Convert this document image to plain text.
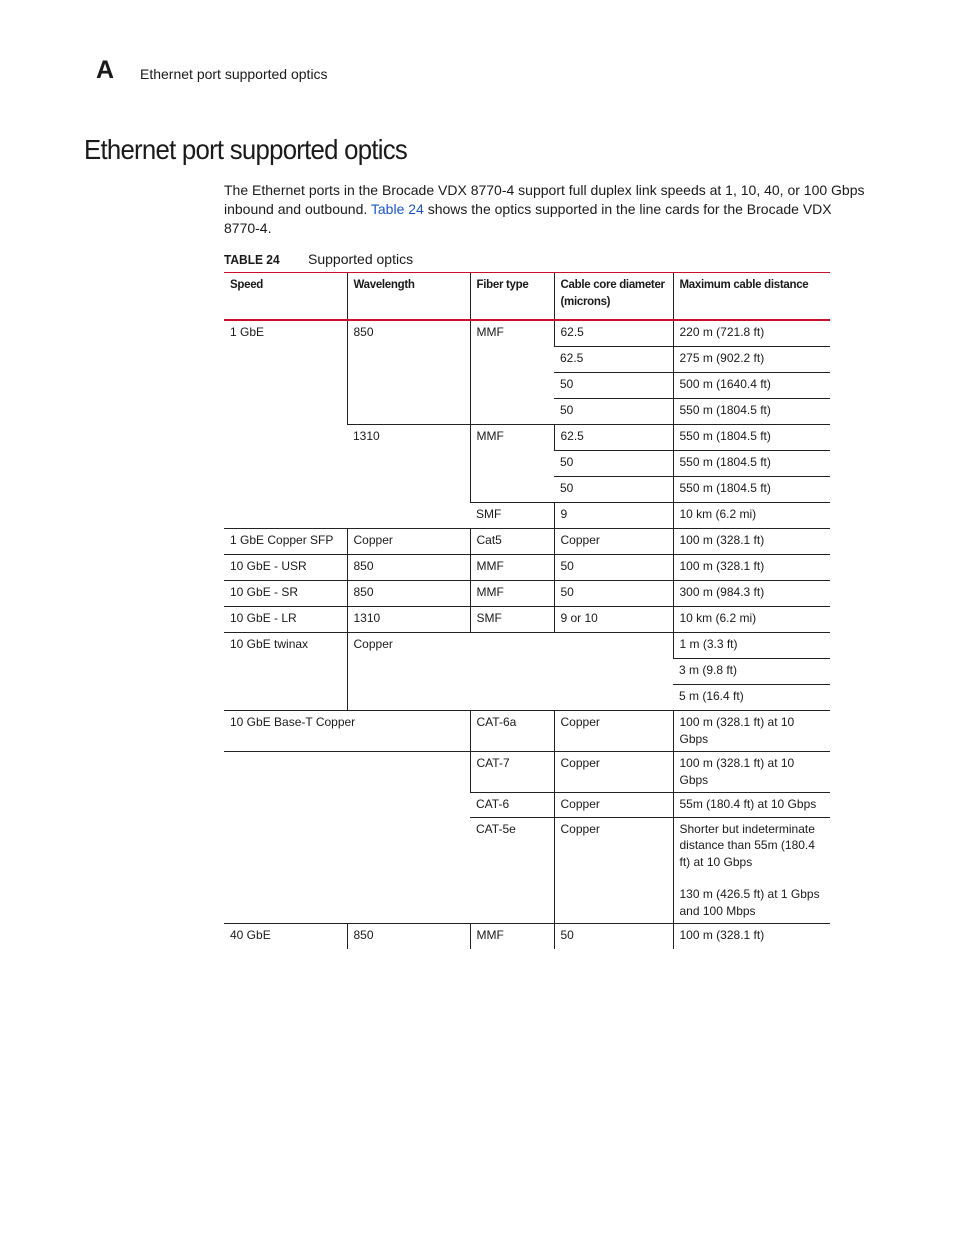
A Ethernet port supported optics
Ethernet port supported optics

The Ethernet ports in the Brocade VDX 8770-4 support full duplex link speeds at 1, 10, 40, or 100 Gbps inbound and outbound. Table 24 shows the optics supported in the line cards for the Brocade VDX 8770-4.

TABLE 24 Supported optics
Speed	Wavelength	Fiber type	Cable core diameter (microns)	Maximum cable distance
1 GbE	850	MMF	62.5	220 m (721.8 ft)
			62.5	275 m (902.2 ft)
			50	500 m (1640.4 ft)
			50	550 m (1804.5 ft)
	1310	MMF	62.5	550 m (1804.5 ft)
			50	550 m (1804.5 ft)
			50	550 m (1804.5 ft)
		SMF	9	10 km (6.2 mi)
1 GbE Copper SFP	Copper	Cat5	Copper	100 m (328.1 ft)
10 GbE - USR	850	MMF	50	100 m (328.1 ft)
10 GbE - SR	850	MMF	50	300 m (984.3 ft)
10 GbE - LR	1310	SMF	9 or 10	10 km (6.2 mi)
10 GbE twinax	Copper			1 m (3.3 ft)
				3 m (9.8 ft)
				5 m (16.4 ft)
10 GbE Base-T Copper		CAT-6a	Copper	100 m (328.1 ft) at 10 Gbps
		CAT-7	Copper	100 m (328.1 ft) at 10 Gbps
		CAT-6	Copper	55m (180.4 ft) at 10 Gbps
		CAT-5e	Copper	Shorter but indeterminate distance than 55m (180.4 ft) at 10 Gbps
130 m (426.5 ft) at 1 Gbps and 100 Mbps
40 GbE	850	MMF	50	100 m (328.1 ft)
